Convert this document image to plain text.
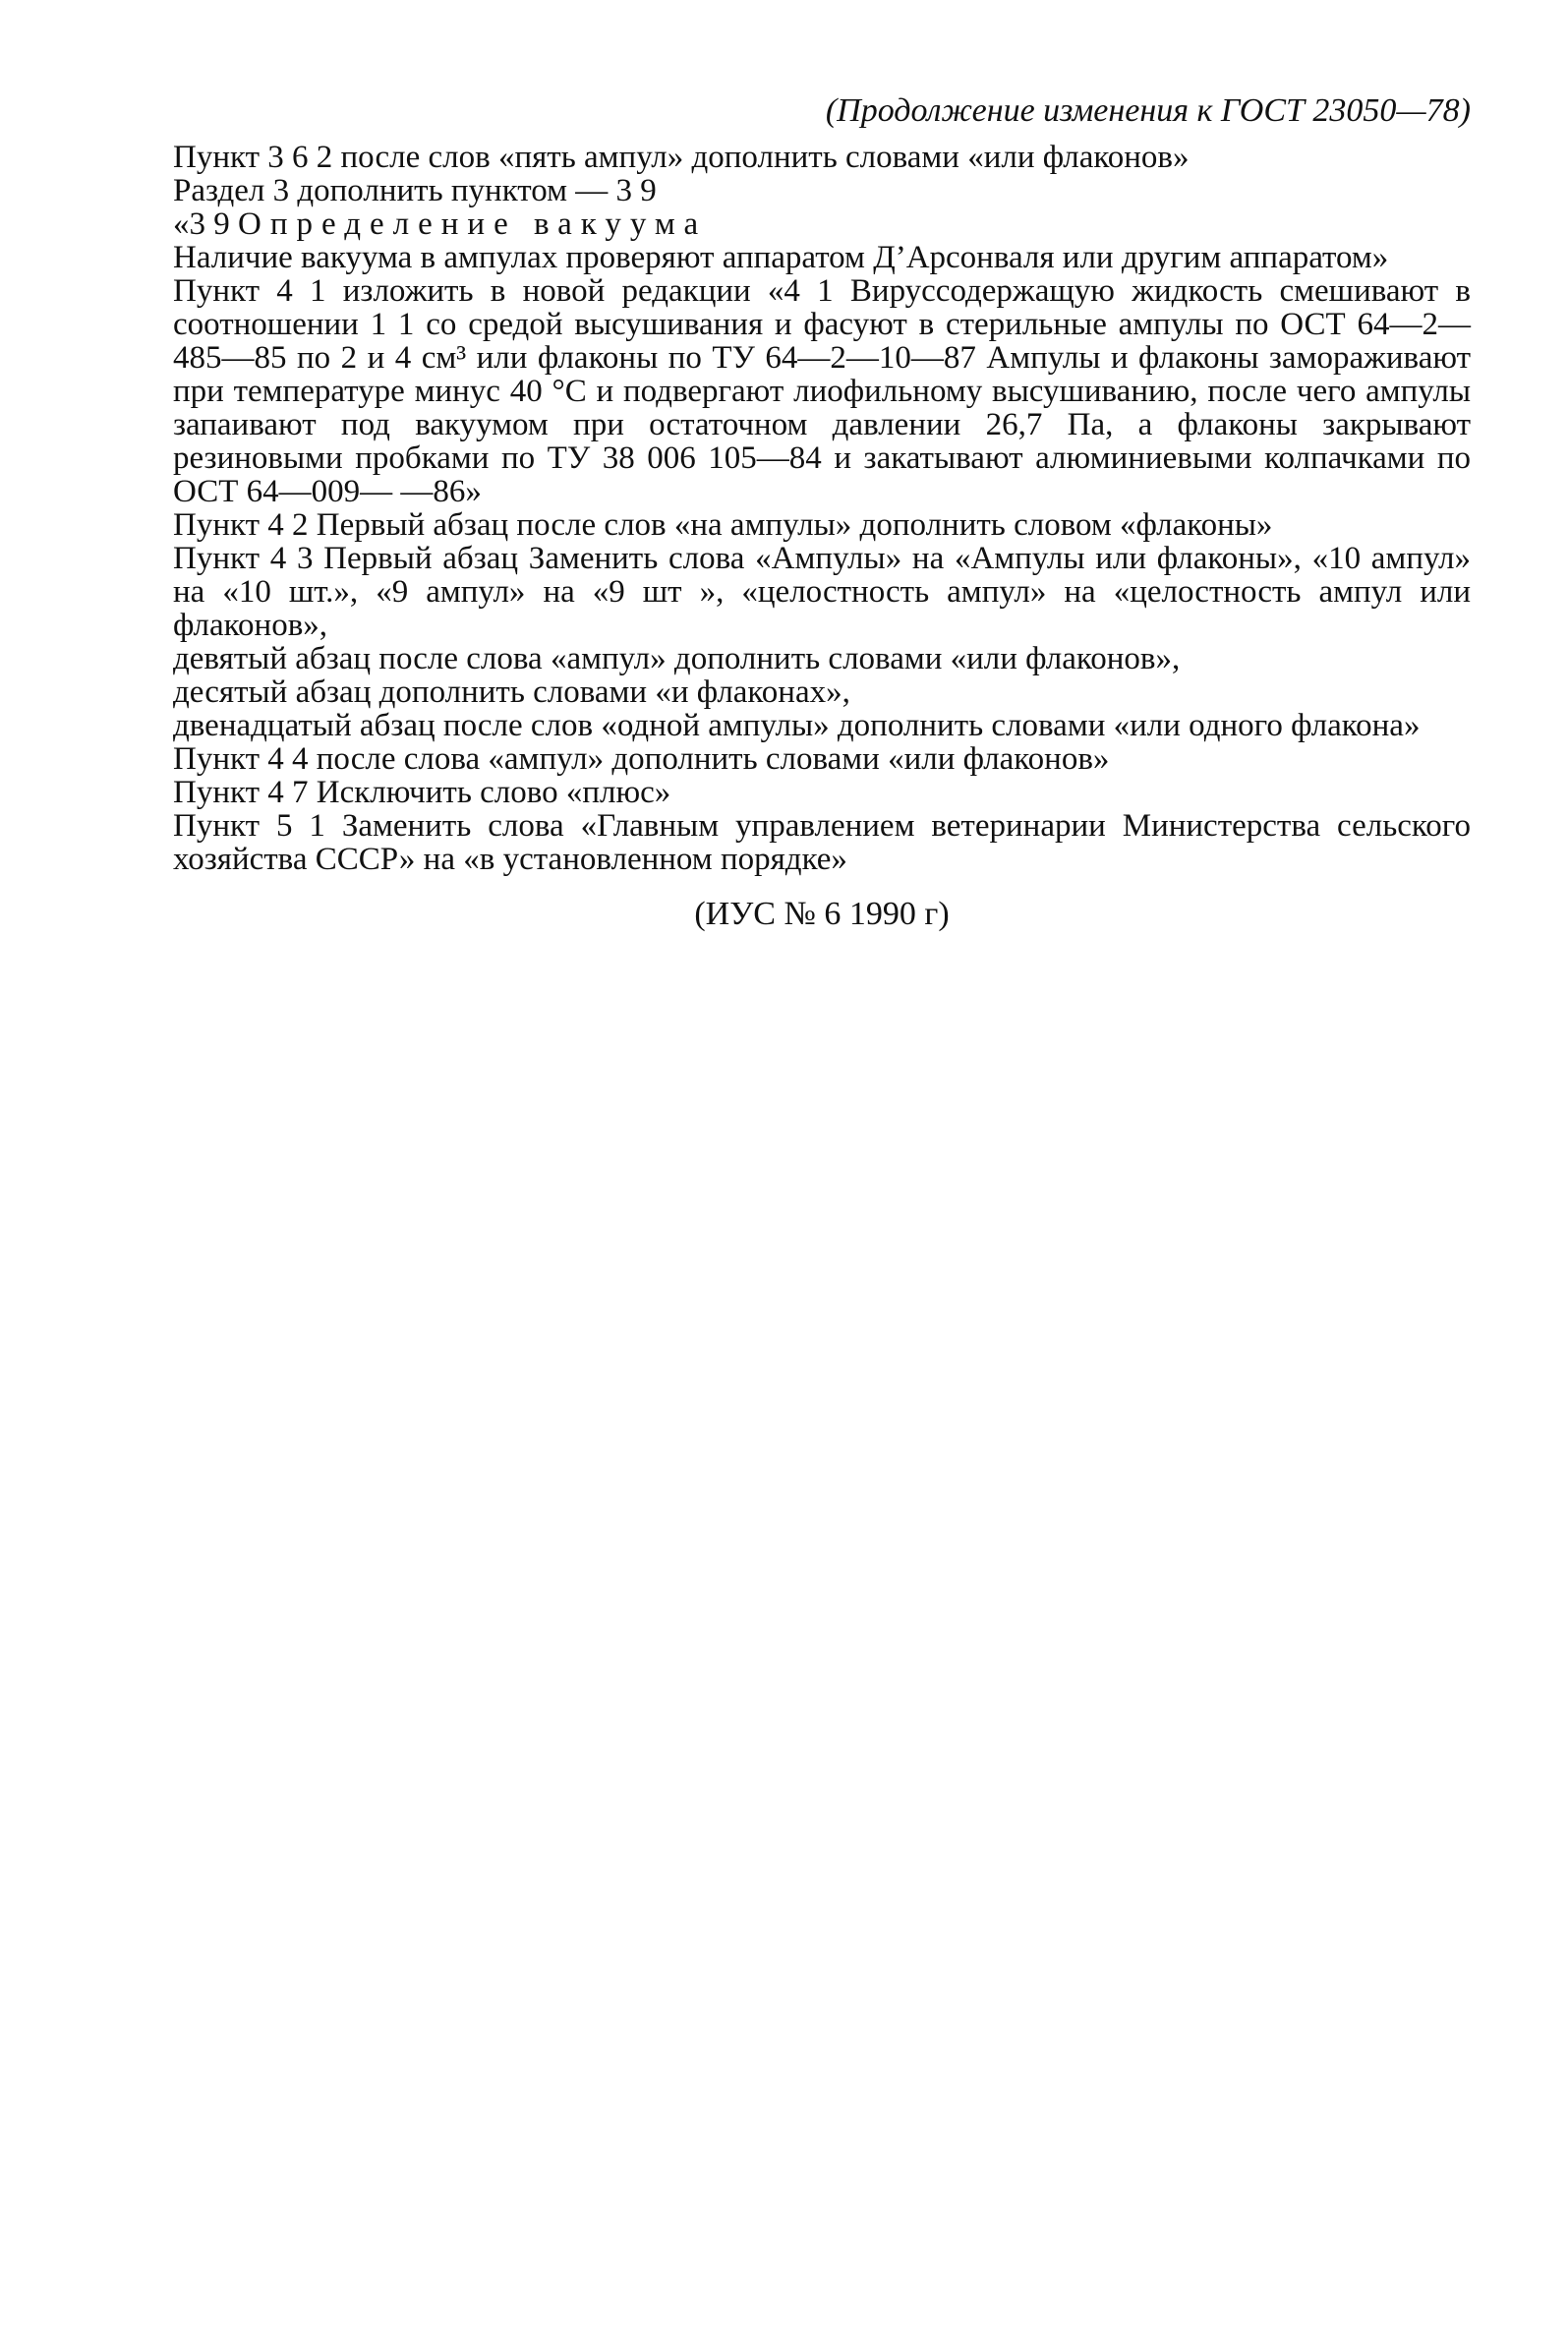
(Продолжение изменения к ГОСТ 23050—78)

Пункт 3 6 2 после слов «пять ампул» дополнить словами «или флаконов»

Раздел 3 дополнить пунктом — 3 9

«3 9 Определение вакуума

Наличие вакуума в ампулах проверяют аппаратом Д’Арсонваля или другим аппаратом»

Пункт 4 1 изложить в новой редакции «4 1 Вируссодержащую жидкость смешивают в соотношении 1 1 со средой высушивания и фасуют в стерильные ампулы по ОСТ 64—2—485—85 по 2 и 4 см³ или флаконы по ТУ 64—2—10—87 Ампулы и флаконы замораживают при температуре минус 40 °С и подвергают лиофильному высушиванию, после чего ампулы запаивают под вакуумом при остаточном давлении 26,7 Па, а флаконы закрывают резиновыми пробками по ТУ 38 006 105—84 и закатывают алюминиевыми колпачками по ОСТ 64—009— —86»

Пункт 4 2 Первый абзац после слов «на ампулы» дополнить словом «флаконы»

Пункт 4 3 Первый абзац Заменить слова «Ампулы» на «Ампулы или флаконы», «10 ампул» на «10 шт.», «9 ампул» на «9 шт », «целостность ампул» на «целостность ампул или флаконов»,

девятый абзац после слова «ампул» дополнить словами «или флаконов»,

десятый абзац дополнить словами «и флаконах»,

двенадцатый абзац после слов «одной ампулы» дополнить словами «или одного флакона»

Пункт 4 4 после слова «ампул» дополнить словами «или флаконов»

Пункт 4 7 Исключить слово «плюс»

Пункт 5 1 Заменить слова «Главным управлением ветеринарии Министерства сельского хозяйства СССР» на «в установленном порядке»

(ИУС № 6 1990 г)
